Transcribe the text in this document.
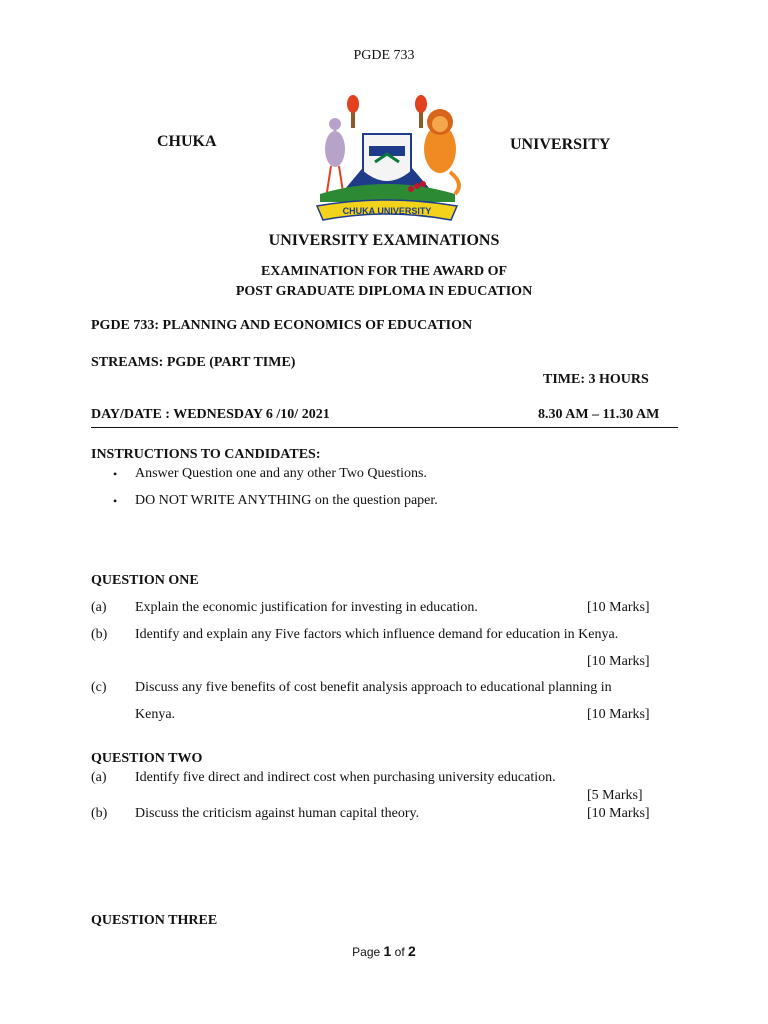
PGDE 733
CHUKA
CHUKA UNIVERSITY
UNIVERSITY
UNIVERSITY EXAMINATIONS
EXAMINATION FOR THE AWARD OF
POST GRADUATE DIPLOMA IN EDUCATION
PGDE 733: PLANNING AND ECONOMICS OF EDUCATION
STREAMS: PGDE (PART TIME)
TIME: 3 HOURS
DAY/DATE : WEDNESDAY 6 /10/ 2021	8.30 AM – 11.30 AM
INSTRUCTIONS TO CANDIDATES:
• Answer Question one and any other Two Questions.
• DO NOT WRITE ANYTHING on the question paper.
QUESTION ONE
(a) Explain the economic justification for investing in education.	[10 Marks]
(b) Identify and explain any Five factors which influence demand for education in Kenya.
[10 Marks]
(c) Discuss any five benefits of cost benefit analysis approach to educational planning in
Kenya.	[10 Marks]
QUESTION TWO
(a) Identify five direct and indirect cost when purchasing university education.
[5 Marks]
(b) Discuss the criticism against human capital theory.	[10 Marks]
QUESTION THREE
Page 1 of 2
